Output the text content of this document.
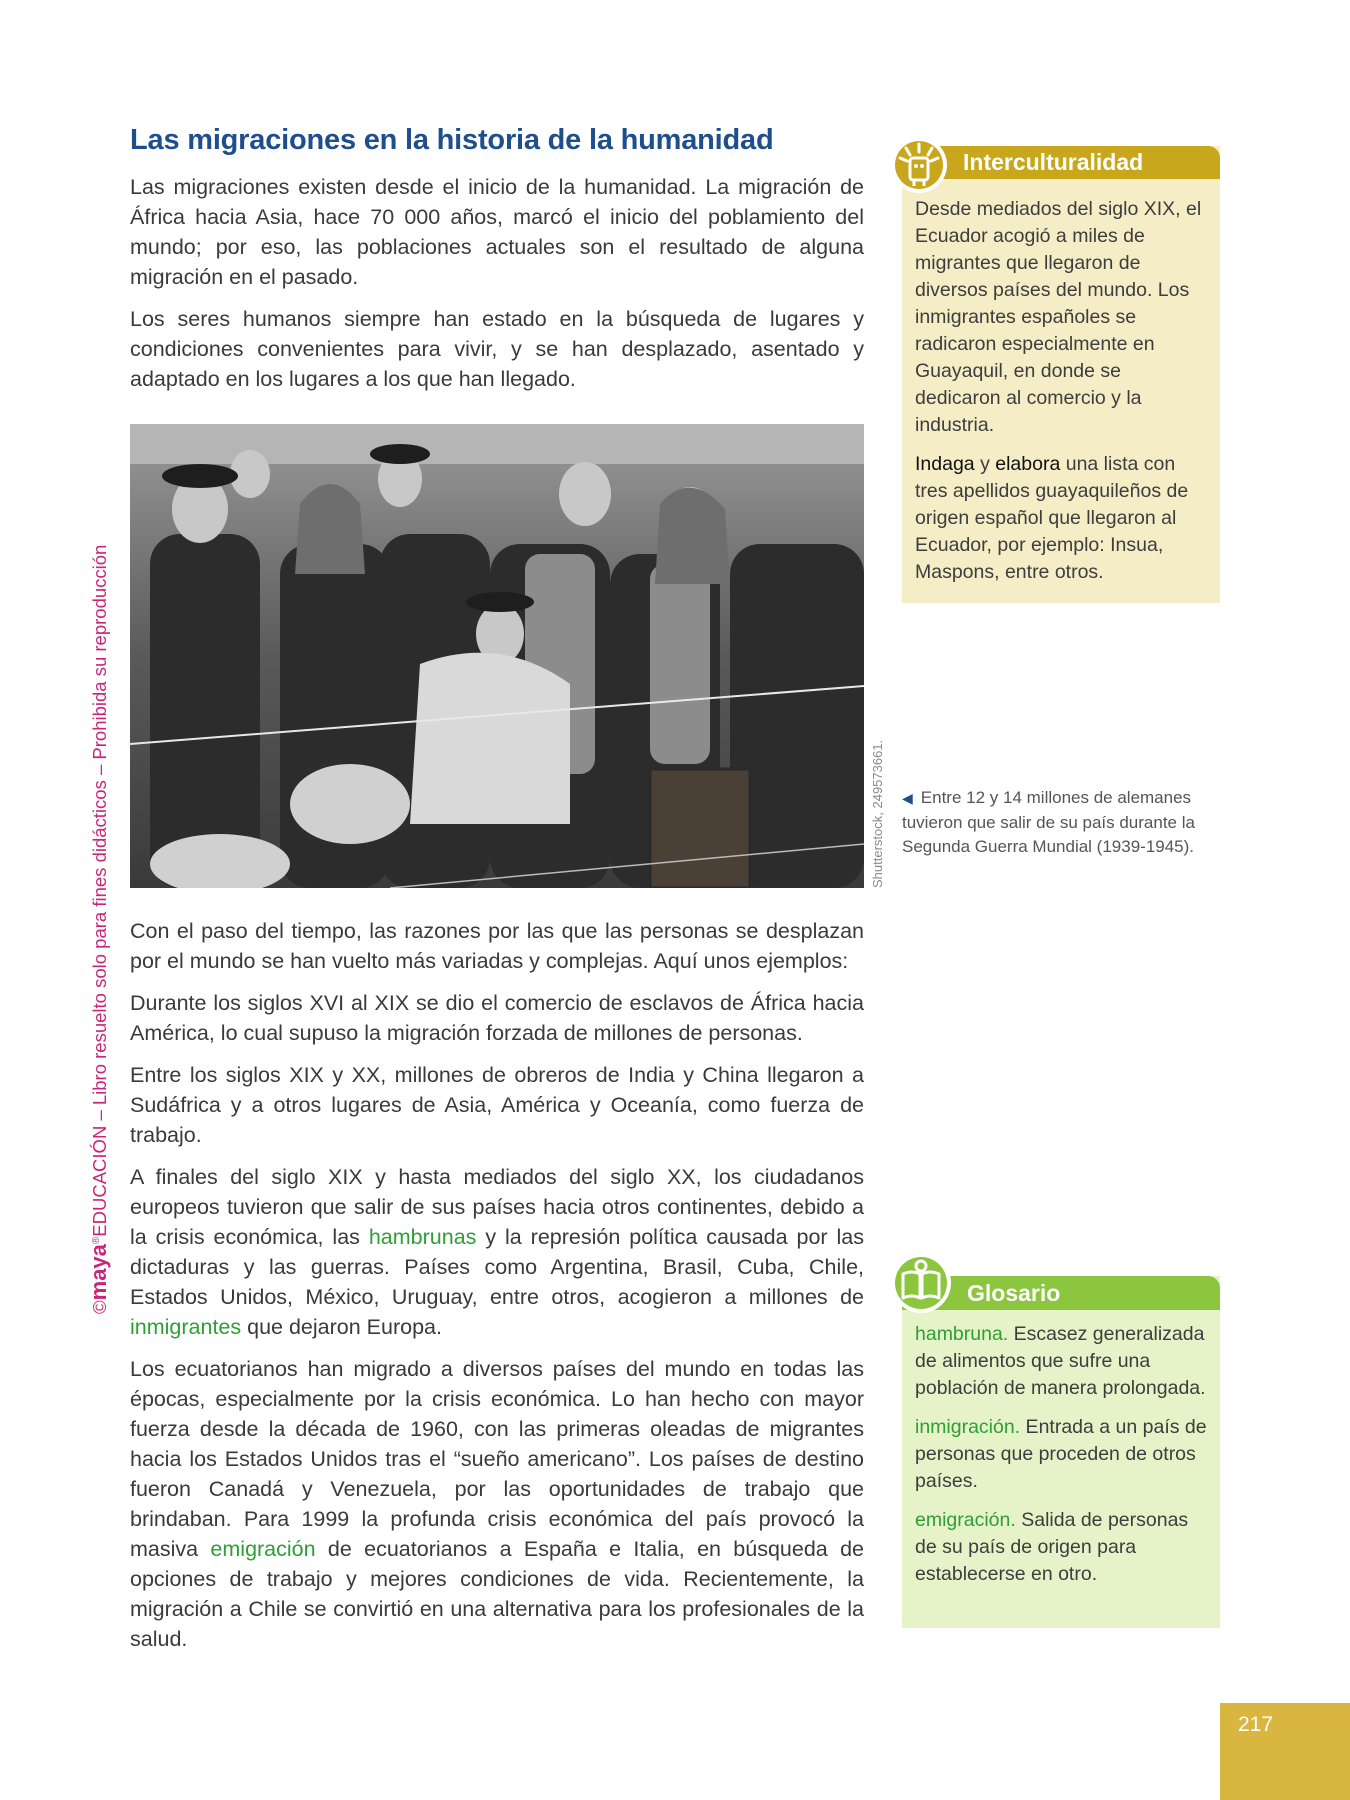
Las migraciones en la historia de la humanidad

Las migraciones existen desde el inicio de la humanidad. La migración de África hacia Asia, hace 70 000 años, marcó el inicio del poblamiento del mundo; por eso, las poblaciones actuales son el resultado de alguna migración en el pasado.

Los seres humanos siempre han estado en la búsqueda de lugares y condiciones convenientes para vivir, y se han desplazado, asentado y adaptado en los lugares a los que han llegado.

Shutterstock, 249573661. ◀ Entre 12 y 14 millones de alemanes tuvieron que salir de su país durante la Segunda Guerra Mundial (1939-1945).

Con el paso del tiempo, las razones por las que las personas se desplazan por el mundo se han vuelto más variadas y complejas. Aquí unos ejemplos:

Durante los siglos XVI al XIX se dio el comercio de esclavos de África hacia América, lo cual supuso la migración forzada de millones de personas.

Entre los siglos XIX y XX, millones de obreros de India y China llegaron a Sudáfrica y a otros lugares de Asia, América y Oceanía, como fuerza de trabajo.

A finales del siglo XIX y hasta mediados del siglo XX, los ciudadanos europeos tuvieron que salir de sus países hacia otros continentes, debido a la crisis económica, las hambrunas y la represión política causada por las dictaduras y las guerras. Países como Argentina, Brasil, Cuba, Chile, Estados Unidos, México, Uruguay, entre otros, acogieron a millones de inmigrantes que dejaron Europa.

Los ecuatorianos han migrado a diversos países del mundo en todas las épocas, especialmente por la crisis económica. Lo han hecho con mayor fuerza desde la década de 1960, con las primeras oleadas de migrantes hacia los Estados Unidos tras el “sueño americano”. Los países de destino fueron Canadá y Venezuela, por las oportunidades de trabajo que brindaban. Para 1999 la profunda crisis económica del país provocó la masiva emigración de ecuatorianos a España e Italia, en búsqueda de opciones de trabajo y mejores condiciones de vida. Recientemente, la migración a Chile se convirtió en una alternativa para los profesionales de la salud.

Interculturalidad

Desde mediados del siglo XIX, el Ecuador acogió a miles de migrantes que llegaron de diversos países del mundo. Los inmigrantes españoles se radicaron especialmente en Guayaquil, en donde se dedicaron al comercio y la industria.

Indaga y elabora una lista con tres apellidos guayaquileños de origen español que llegaron al Ecuador, por ejemplo: Insua, Maspons, entre otros.

Glosario

hambruna. Escasez generalizada de alimentos que sufre una población de manera prolongada.

inmigración. Entrada a un país de personas que proceden de otros países.

emigración. Salida de personas de su país de origen para establecerse en otro.

©maya®EDUCACIÓN – Libro resuelto solo para fines didácticos – Prohibida su reproducción
217
